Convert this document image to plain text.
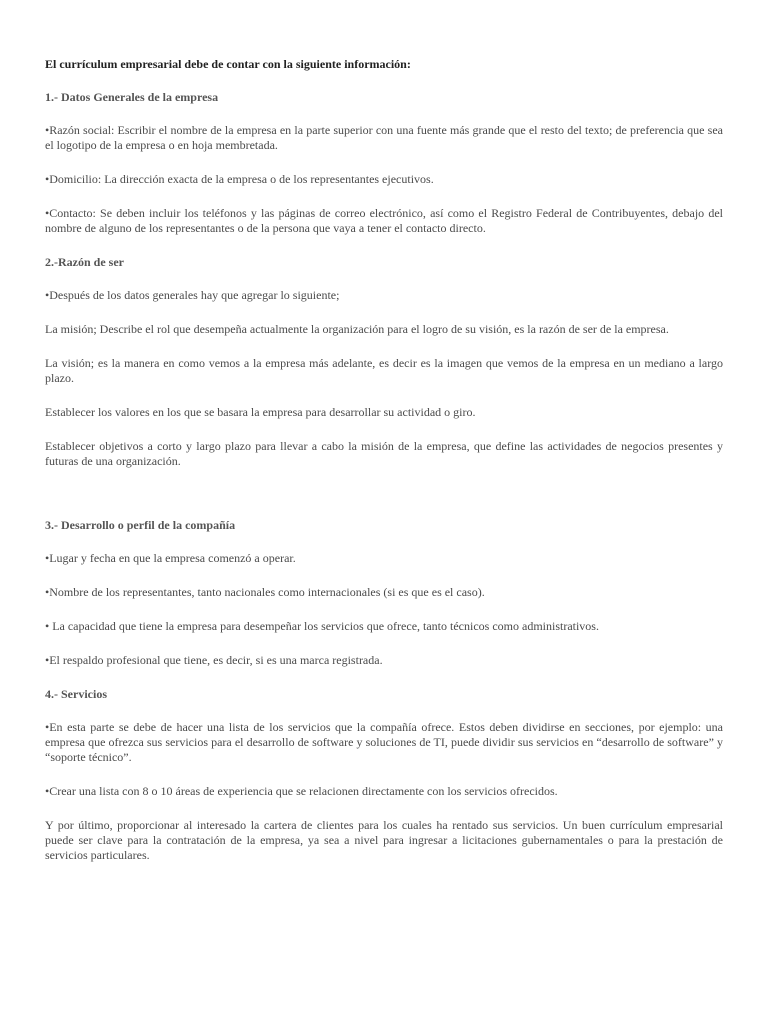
El currículum empresarial debe de contar con la siguiente información:

1.- Datos Generales de la empresa

•Razón social: Escribir el nombre de la empresa en la parte superior con una fuente más grande que el resto del texto; de preferencia que sea el logotipo de la empresa o en hoja membretada.

•Domicilio: La dirección exacta de la empresa o de los representantes ejecutivos.

•Contacto: Se deben incluir los teléfonos y las páginas de correo electrónico, así como el Registro Federal de Contribuyentes, debajo del nombre de alguno de los representantes o de la persona que vaya a tener el contacto directo.

2.-Razón de ser

•Después de los datos generales hay que agregar lo siguiente;

La misión; Describe el rol que desempeña actualmente la organización para el logro de su visión, es la razón de ser de la empresa.

La visión; es la manera en como vemos a la empresa más adelante, es decir es la imagen que vemos de la empresa en un mediano a largo plazo.

Establecer los valores en los que se basara la empresa para desarrollar su actividad o giro.

Establecer objetivos a corto y largo plazo para llevar a cabo la misión de la empresa, que define las actividades de negocios presentes y futuras de una organización.

3.- Desarrollo o perfil de la compañía

•Lugar y fecha en que la empresa comenzó a operar.

•Nombre de los representantes, tanto nacionales como internacionales (si es que es el caso).

• La capacidad que tiene la empresa para desempeñar los servicios que ofrece, tanto técnicos como administrativos.

•El respaldo profesional que tiene, es decir, si es una marca registrada.

4.- Servicios

•En esta parte se debe de hacer una lista de los servicios que la compañía ofrece. Estos deben dividirse en secciones, por ejemplo: una empresa que ofrezca sus servicios para el desarrollo de software y soluciones de TI, puede dividir sus servicios en “desarrollo de software” y “soporte técnico”.

•Crear una lista con 8 o 10 áreas de experiencia que se relacionen directamente con los servicios ofrecidos.

Y por último, proporcionar al interesado la cartera de clientes para los cuales ha rentado sus servicios. Un buen currículum empresarial puede ser clave para la contratación de la empresa, ya sea a nivel para ingresar a licitaciones gubernamentales o para la prestación de servicios particulares.
